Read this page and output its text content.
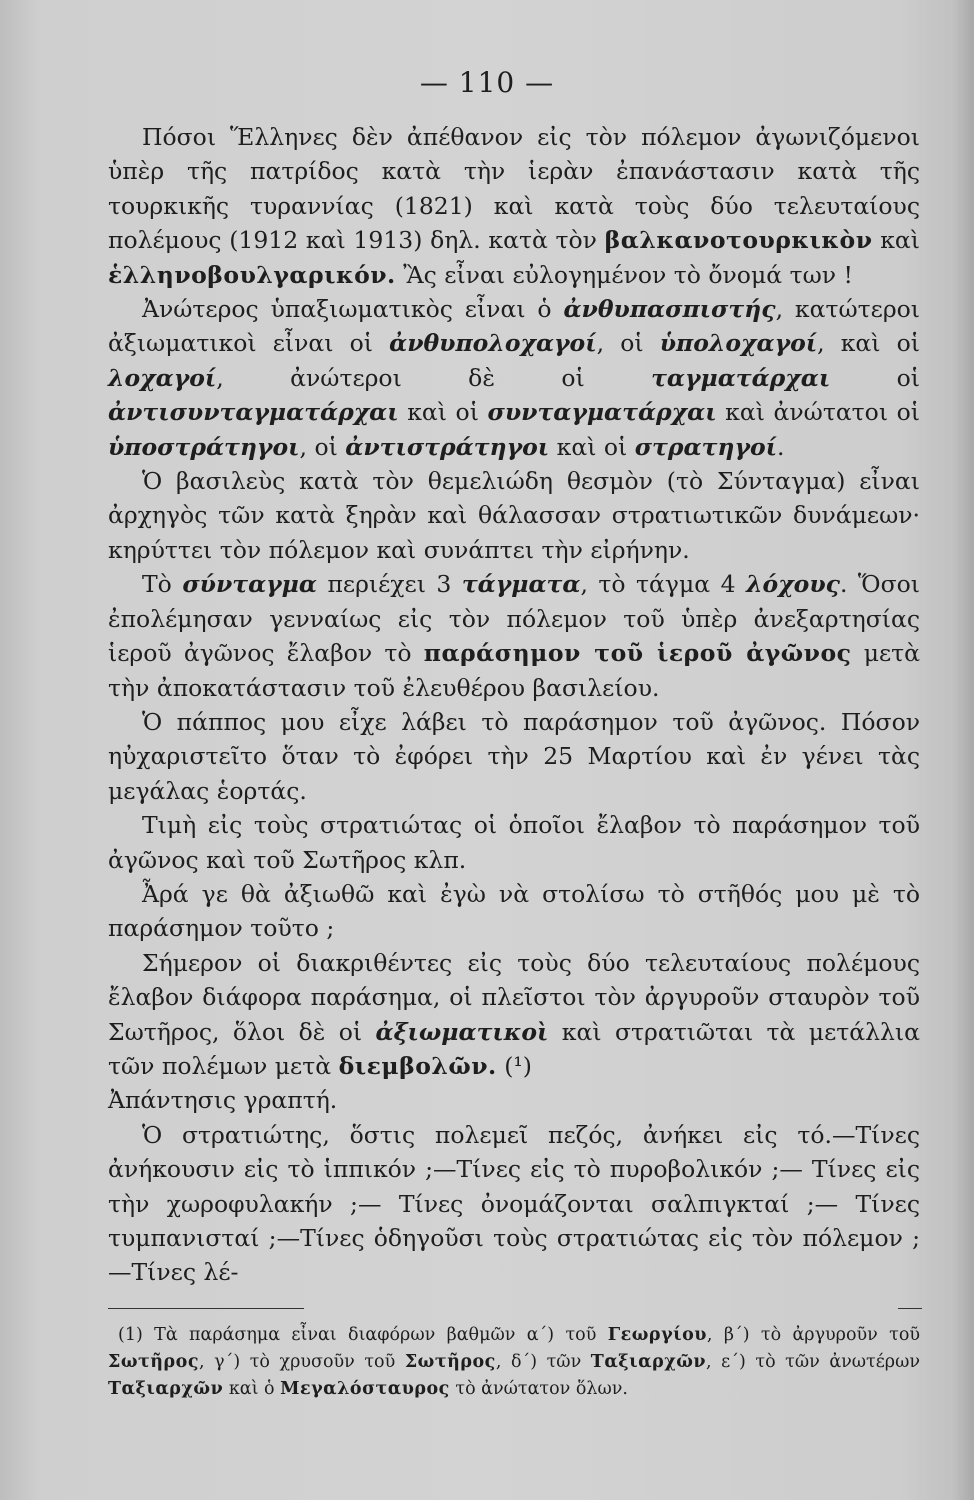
— 110 —

Πόσοι Ἕλληνες δὲν ἀπέθανον εἰς τὸν πόλεμον ἀγωνιζόμενοι ὑπὲρ τῆς πατρίδος κατὰ τὴν ἱερὰν ἐπανάστασιν κατὰ τῆς τουρκικῆς τυραννίας (1821) καὶ κατὰ τοὺς δύο τελευταίους πολέμους (1912 καὶ 1913) δηλ. κατὰ τὸν βαλκανοτουρκικὸν καὶ ἑλληνοβουλγαρικόν. Ἂς εἶναι εὐλογημένον τὸ ὄνομά των !

Ἀνώτερος ὑπαξιωματικὸς εἶναι ὁ ἀνθυπασπιστής, κατώτεροι ἀξιωματικοὶ εἶναι οἱ ἀνθυπολοχαγοί, οἱ ὑπολοχαγοί, καὶ οἱ λοχαγοί, ἀνώτεροι δὲ οἱ ταγματάρχαι οἱ ἀντισυνταγματάρχαι καὶ οἱ συνταγματάρχαι καὶ ἀνώτατοι οἱ ὑποστράτηγοι, οἱ ἀντιστράτηγοι καὶ οἱ στρατηγοί.

Ὁ βασιλεὺς κατὰ τὸν θεμελιώδη θεσμὸν (τὸ Σύνταγμα) εἶναι ἀρχηγὸς τῶν κατὰ ξηρὰν καὶ θάλασσαν στρατιωτικῶν δυνάμεων· κηρύττει τὸν πόλεμον καὶ συνάπτει τὴν εἰρήνην.

Τὸ σύνταγμα περιέχει 3 τάγματα, τὸ τάγμα 4 λόχους. Ὅσοι ἐπολέμησαν γενναίως εἰς τὸν πόλεμον τοῦ ὑπὲρ ἀνεξαρτησίας ἱεροῦ ἀγῶνος ἔλαβον τὸ παράσημον τοῦ ἱεροῦ ἀγῶνος μετὰ τὴν ἀποκατάστασιν τοῦ ἐλευθέρου βασιλείου.

Ὁ πάππος μου εἶχε λάβει τὸ παράσημον τοῦ ἀγῶνος. Πόσον ηὐχαριστεῖτο ὅταν τὸ ἐφόρει τὴν 25 Μαρτίου καὶ ἐν γένει τὰς μεγάλας ἑορτάς.

Τιμὴ εἰς τοὺς στρατιώτας οἱ ὁποῖοι ἔλαβον τὸ παράσημον τοῦ ἀγῶνος καὶ τοῦ Σωτῆρος κλπ.

Ἆρά γε θὰ ἀξιωθῶ καὶ ἐγὼ νὰ στολίσω τὸ στῆθός μου μὲ τὸ παράσημον τοῦτο ;

Σήμερον οἱ διακριθέντες εἰς τοὺς δύο τελευταίους πολέμους ἔλαβον διάφορα παράσημα, οἱ πλεῖστοι τὸν ἀργυροῦν σταυρὸν τοῦ Σωτῆρος, ὅλοι δὲ οἱ ἀξιωματικοὶ καὶ στρατιῶται τὰ μετάλλια τῶν πολέμων μετὰ διεμβολῶν. (¹)

Ἀπάντησις γραπτή.

Ὁ στρατιώτης, ὅστις πολεμεῖ πεζός, ἀνήκει εἰς τό.—Τίνες ἀνήκουσιν εἰς τὸ ἱππικόν ;—Τίνες εἰς τὸ πυροβολικόν ;— Τίνες εἰς τὴν χωροφυλακήν ;— Τίνες ὀνομάζονται σαλπιγκταί ;— Τίνες τυμπανισταί ;—Τίνες ὁδηγοῦσι τοὺς στρατιώτας εἰς τὸν πόλεμον ;—Τίνες λέ-

(1) Τὰ παράσημα εἶναι διαφόρων βαθμῶν α΄) τοῦ Γεωργίου, β΄) τὸ ἀργυροῦν τοῦ Σωτῆρος, γ΄) τὸ χρυσοῦν τοῦ Σωτῆρος, δ΄) τῶν Ταξιαρχῶν, ε΄) τὸ τῶν ἀνωτέρων Ταξιαρχῶν καὶ ὁ Μεγαλόσταυρος τὸ ἀνώτατον ὅλων.
